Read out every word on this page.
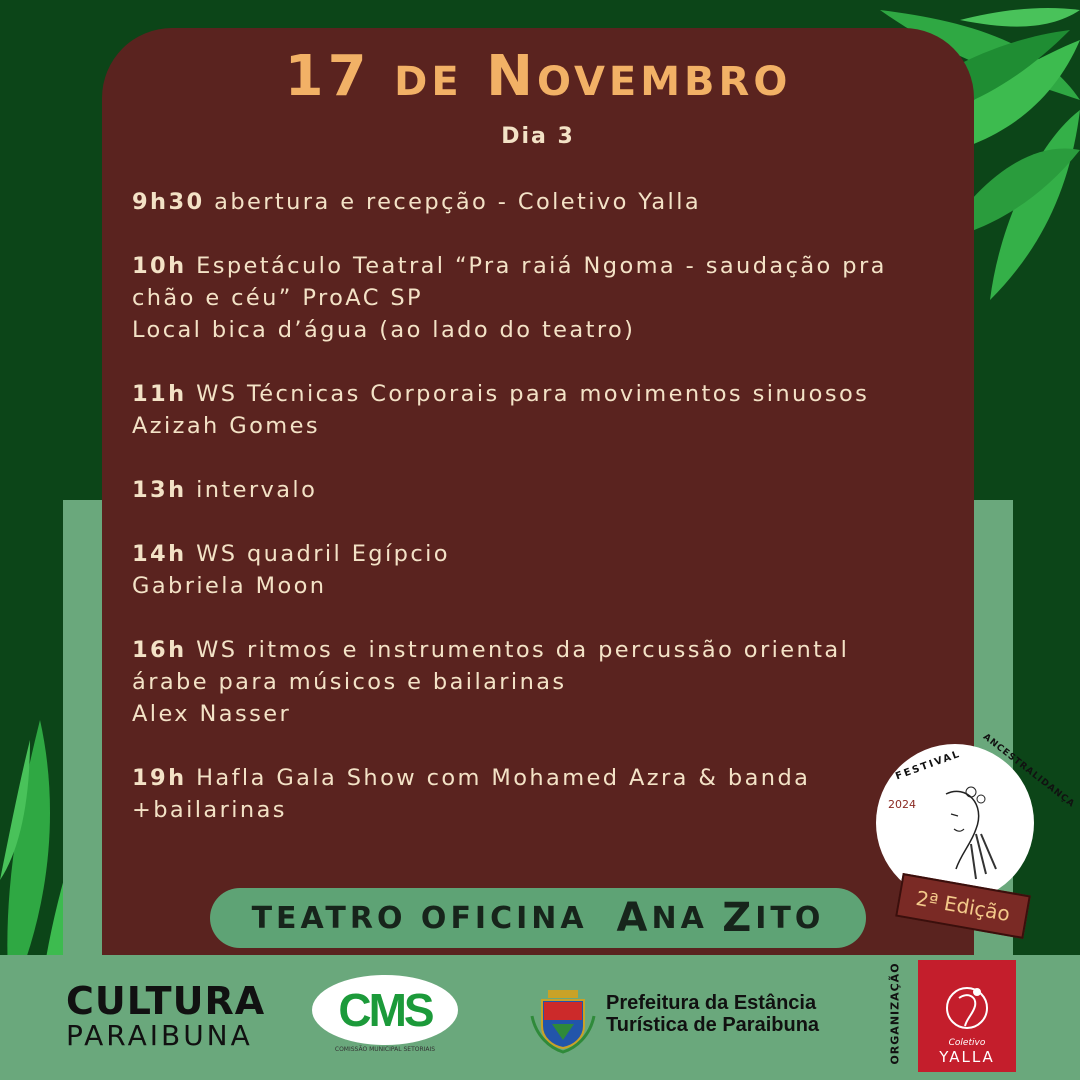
17 DE NOVEMBRO
Dia 3
9h30 abertura e recepção - Coletivo Yalla
10h Espetáculo Teatral “Pra raiá Ngoma - saudação pra
chão e céu” ProAC SP
Local bica d’água (ao lado do teatro)
11h WS Técnicas Corporais para movimentos sinuosos
Azizah Gomes
13h intervalo
14h WS quadril Egípcio
Gabriela Moon
16h WS ritmos e instrumentos da percussão oriental
árabe para músicos e bailarinas
Alex Nasser
19h Hafla Gala Show com Mohamed Azra & banda
+bailarinas
TEATRO OFICINA
A NA
Z ITO
FESTIVAL ANCESTRALIDANÇA
2024
2ª Edição
CULTURA
PARAIBUNA CMS
COMISSÃO MUNICIPAL SETORIAIS
Prefeitura da Estância
Turística de Paraibuna	ORGANIZAÇÃO	Coletivo
YALLA
